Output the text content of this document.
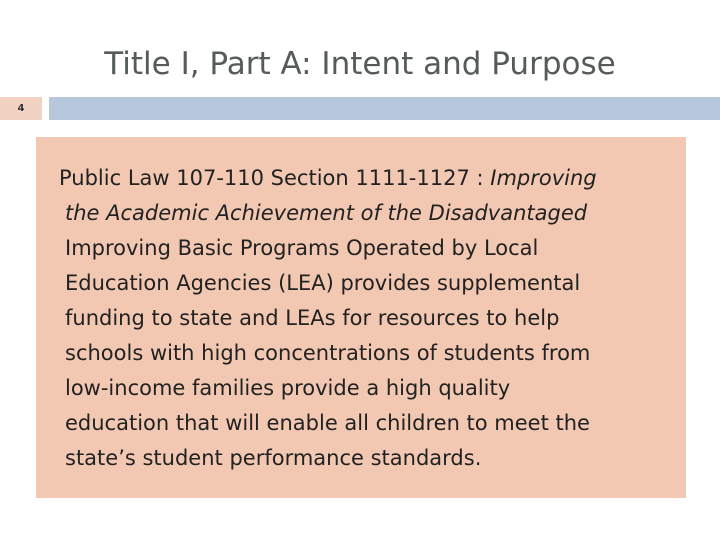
Title I, Part A: Intent and Purpose
4
Public Law 107-110 Section 1111-1127 : Improving
the Academic Achievement of the Disadvantaged
Improving Basic Programs Operated by Local
Education Agencies (LEA) provides supplemental
funding to state and LEAs for resources to help
schools with high concentrations of students from
low-income families provide a high quality
education that will enable all children to meet the
state’s student performance standards.
